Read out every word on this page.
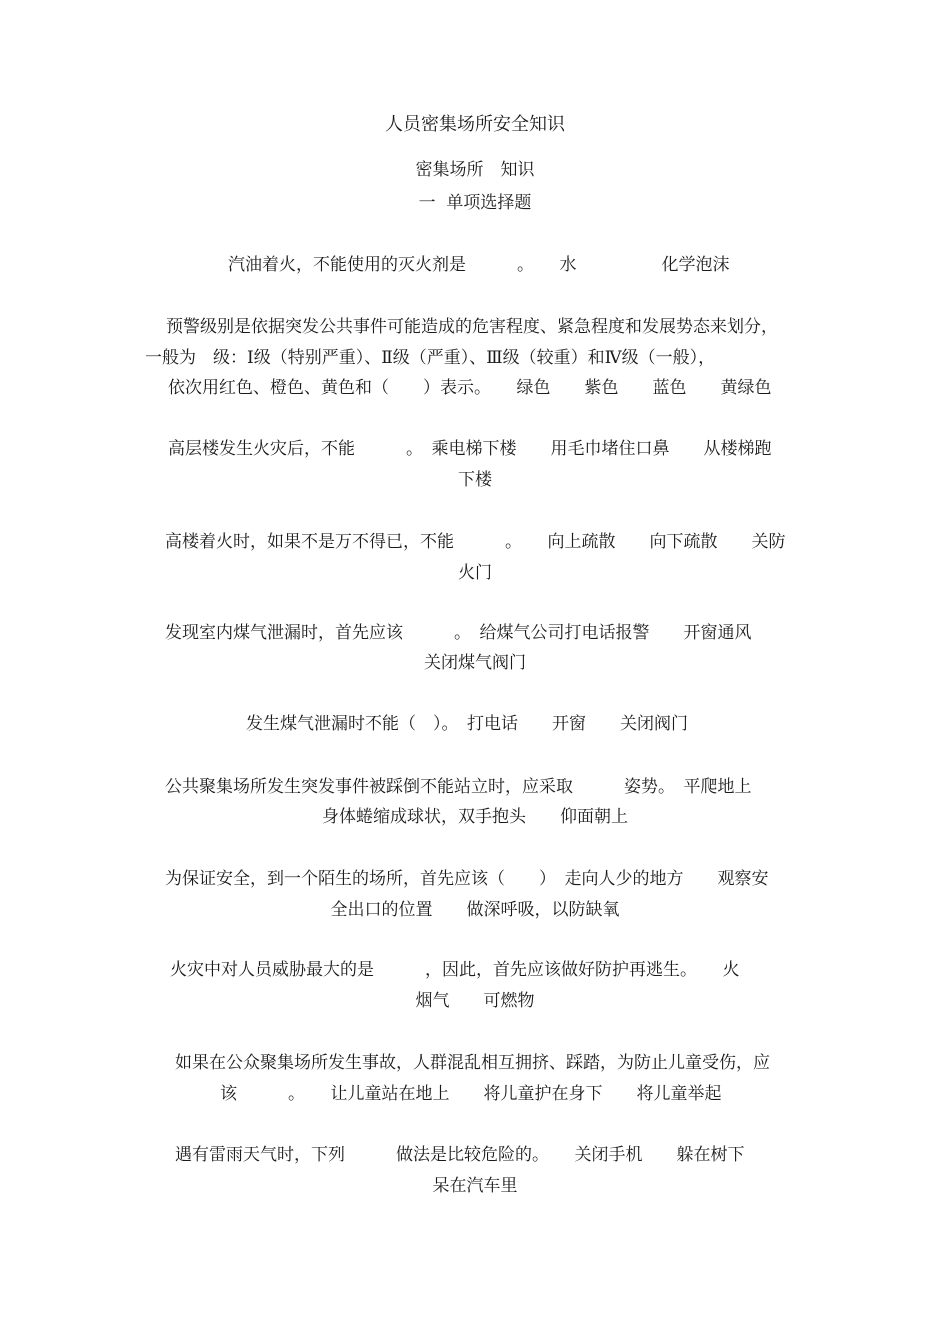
人员密集场所安全知识
密集场所　知识
一  单项选择题
汽油着火，不能使用的灭火剂是　　　。　　水　　　　　化学泡沫
预警级别是依据突发公共事件可能造成的危害程度、紧急程度和发展势态来划分，
一般为　级：Ⅰ级（特别严重）、Ⅱ级（严重）、Ⅲ级（较重）和Ⅳ级（一般），
依次用红色、橙色、黄色和（　　）表示。　　绿色　　紫色　　蓝色　　黄绿色
高层楼发生火灾后，不能　　　。　乘电梯下楼　　用毛巾堵住口鼻　　从楼梯跑
下楼
高楼着火时，如果不是万不得已，不能　　　。　　向上疏散　　向下疏散　　关防
火门
发现室内煤气泄漏时，首先应该　　　。　给煤气公司打电话报警　　开窗通风
关闭煤气阀门
发生煤气泄漏时不能（　）。　打电话　　开窗　　关闭阀门
公共聚集场所发生突发事件被踩倒不能站立时，应采取　　　姿势。　平爬地上
身体蜷缩成球状，双手抱头　　仰面朝上
为保证安全，到一个陌生的场所，首先应该（　　）　走向人少的地方　　观察安
全出口的位置　　做深呼吸，以防缺氧
火灾中对人员威胁最大的是　　　，因此，首先应该做好防护再逃生。　　火
烟气　　可燃物
如果在公众聚集场所发生事故，人群混乱相互拥挤、踩踏，为防止儿童受伤，应
该　　　。　　让儿童站在地上　　将儿童护在身下　　将儿童举起
遇有雷雨天气时，下列　　　做法是比较危险的。　　关闭手机　　躲在树下
呆在汽车里
